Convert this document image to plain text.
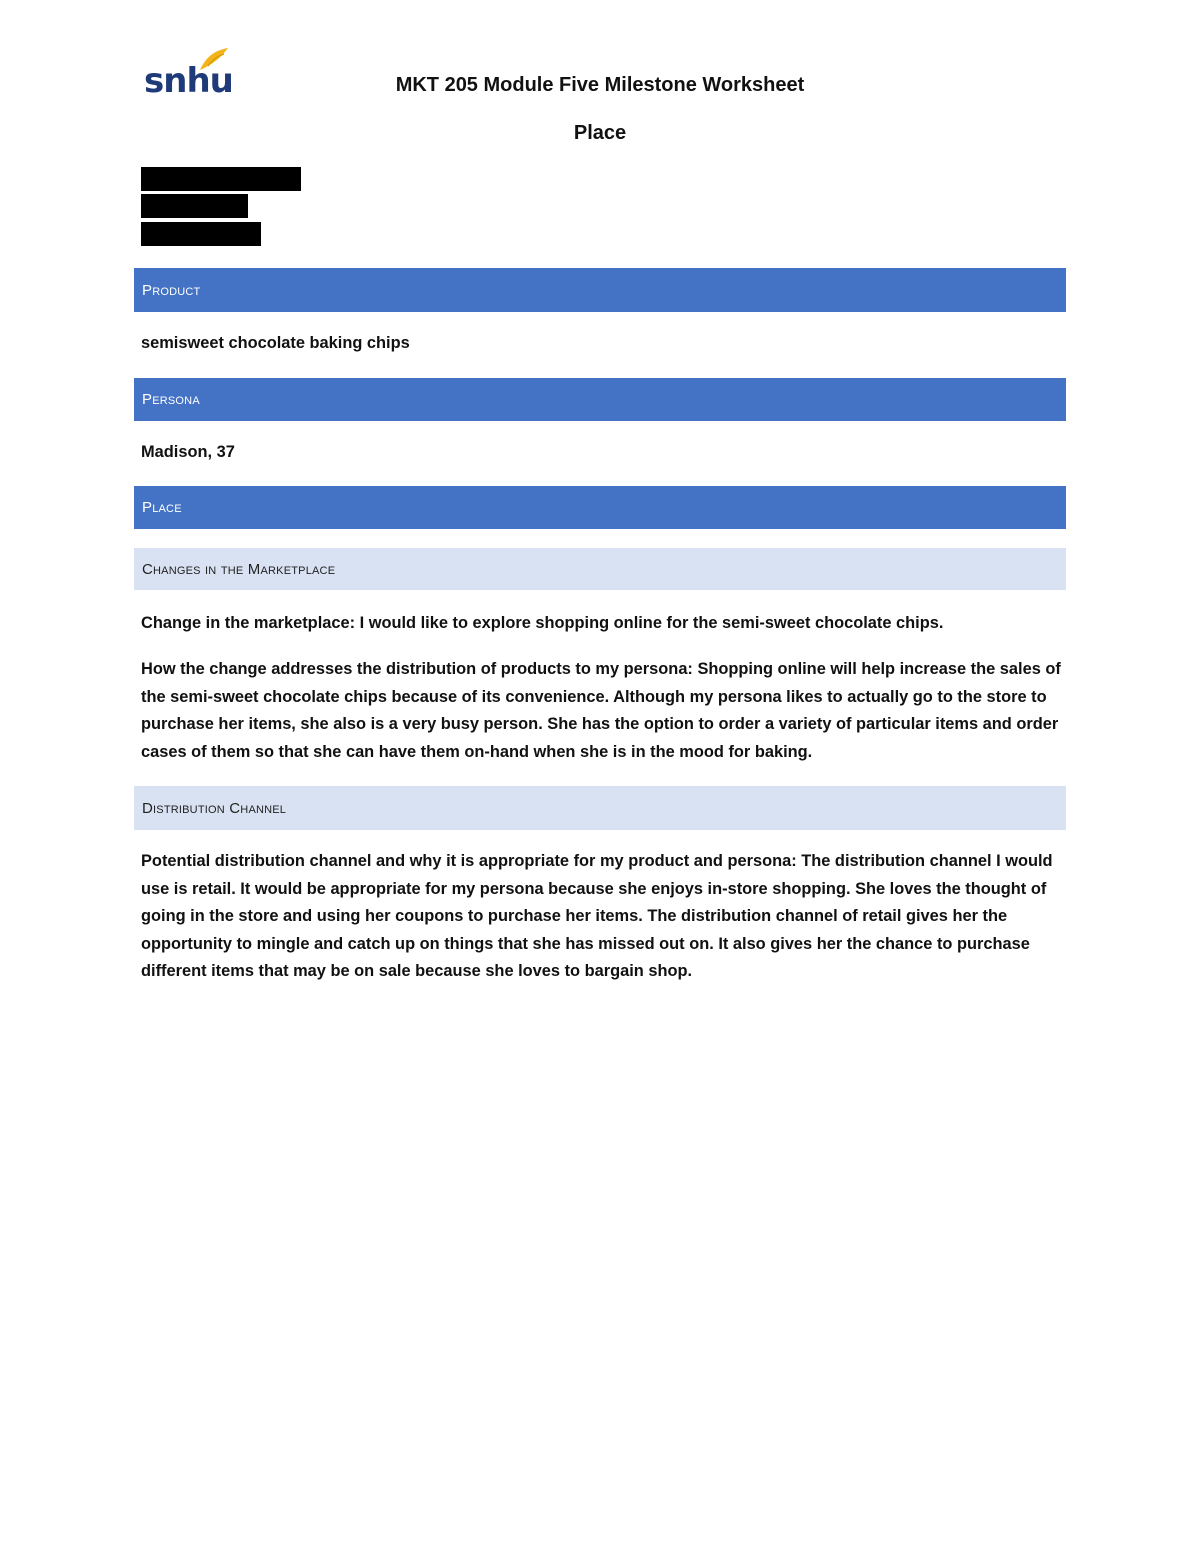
snhu	MKT 205 Module Five Milestone Worksheet
Place
Product
semisweet chocolate baking chips
Persona
Madison, 37
Place
Changes in the Marketplace
Change in the marketplace: I would like to explore shopping online for the semi-sweet chocolate chips.
How the change addresses the distribution of products to my persona: Shopping online will help increase the sales of the semi-sweet chocolate chips because of its convenience. Although my persona likes to actually go to the store to purchase her items, she also is a very busy person. She has the option to order a variety of particular items and order cases of them so that she can have them on-hand when she is in the mood for baking.
Distribution Channel
Potential distribution channel and why it is appropriate for my product and persona: The distribution channel I would use is retail. It would be appropriate for my persona because she enjoys in-store shopping. She loves the thought of going in the store and using her coupons to purchase her items. The distribution channel of retail gives her the opportunity to mingle and catch up on things that she has missed out on. It also gives her the chance to purchase different items that may be on sale because she loves to bargain shop.
